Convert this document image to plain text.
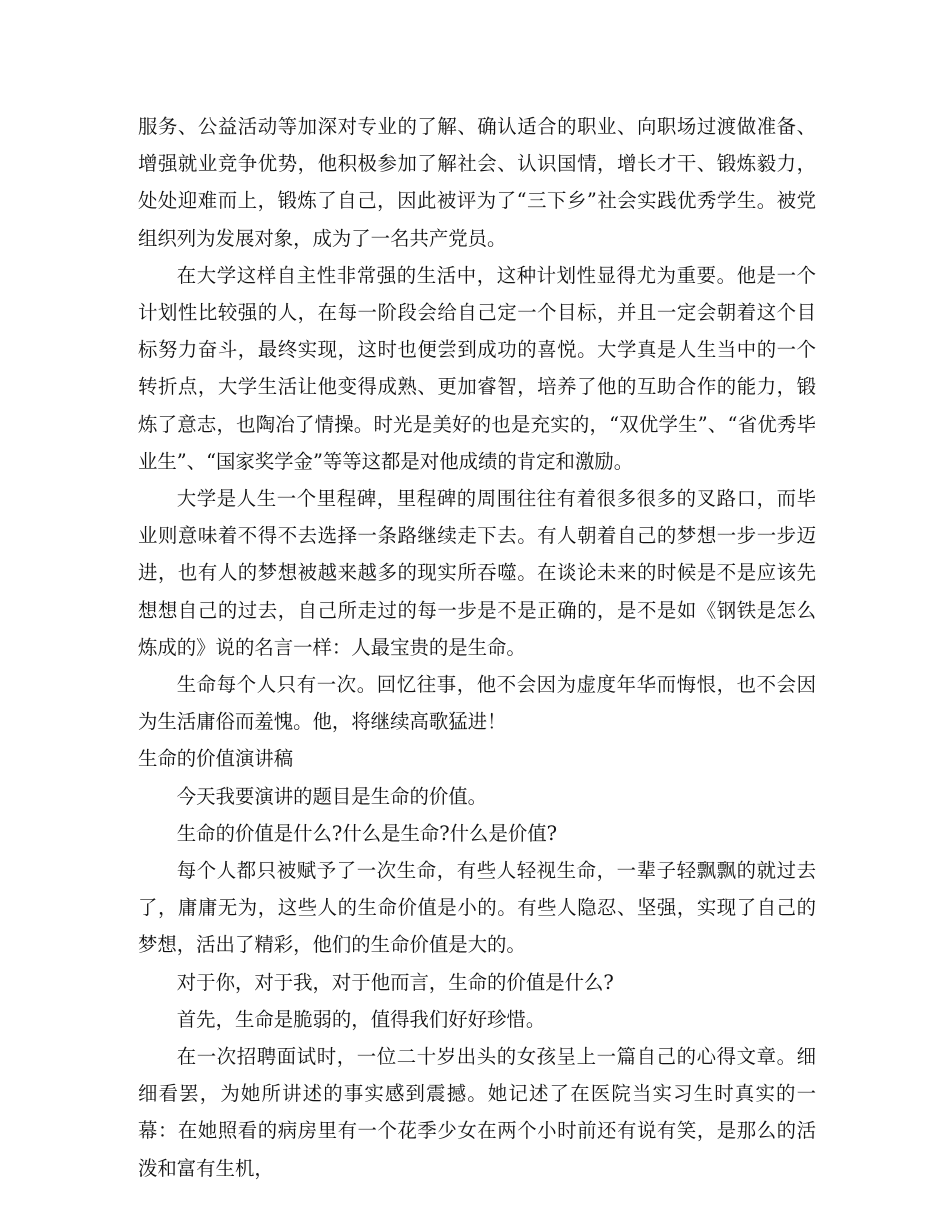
服务、公益活动等加深对专业的了解、确认适合的职业、向职场过渡做准备、增强就业竞争优势，他积极参加了解社会、认识国情，增长才干、锻炼毅力，处处迎难而上，锻炼了自己，因此被评为了“三下乡”社会实践优秀学生。被党组织列为发展对象，成为了一名共产党员。

在大学这样自主性非常强的生活中，这种计划性显得尤为重要。他是一个计划性比较强的人，在每一阶段会给自己定一个目标，并且一定会朝着这个目标努力奋斗，最终实现，这时也便尝到成功的喜悦。大学真是人生当中的一个转折点，大学生活让他变得成熟、更加睿智，培养了他的互助合作的能力，锻炼了意志，也陶冶了情操。时光是美好的也是充实的，“双优学生”、“省优秀毕业生”、“国家奖学金”等等这都是对他成绩的肯定和激励。

大学是人生一个里程碑，里程碑的周围往往有着很多很多的叉路口，而毕业则意味着不得不去选择一条路继续走下去。有人朝着自己的梦想一步一步迈进，也有人的梦想被越来越多的现实所吞噬。在谈论未来的时候是不是应该先想想自己的过去，自己所走过的每一步是不是正确的，是不是如《钢铁是怎么炼成的》说的名言一样：人最宝贵的是生命。

生命每个人只有一次。回忆往事，他不会因为虚度年华而悔恨，也不会因为生活庸俗而羞愧。他，将继续高歌猛进！

生命的价值演讲稿

今天我要演讲的题目是生命的价值。

生命的价值是什么?什么是生命?什么是价值?

每个人都只被赋予了一次生命，有些人轻视生命，一辈子轻飘飘的就过去了，庸庸无为，这些人的生命价值是小的。有些人隐忍、坚强，实现了自己的梦想，活出了精彩，他们的生命价值是大的。

对于你，对于我，对于他而言，生命的价值是什么?

首先，生命是脆弱的，值得我们好好珍惜。

在一次招聘面试时，一位二十岁出头的女孩呈上一篇自己的心得文章。细细看罢，为她所讲述的事实感到震撼。她记述了在医院当实习生时真实的一幕：在她照看的病房里有一个花季少女在两个小时前还有说有笑，是那么的活泼和富有生机，
